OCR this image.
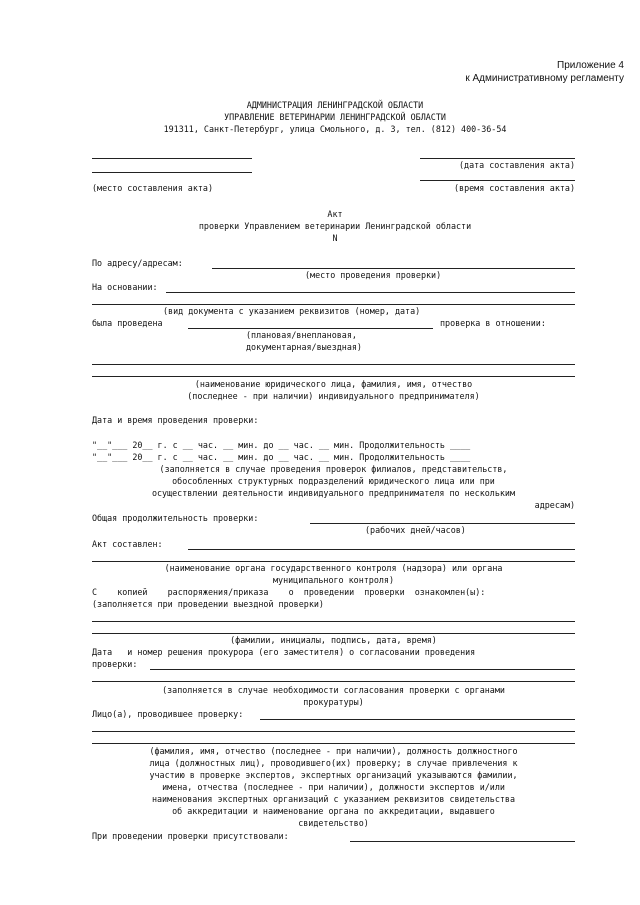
Приложение 4
к Административному регламенту
АДМИНИСТРАЦИЯ ЛЕНИНГРАДСКОЙ ОБЛАСТИ
УПРАВЛЕНИЕ ВЕТЕРИНАРИИ ЛЕНИНГРАДСКОЙ ОБЛАСТИ
191311, Санкт-Петербург, улица Смольного, д. 3, тел. (812) 400-36-54
(дата составления акта)
(место составления акта)	(время составления акта)
Акт
проверки Управлением ветеринарии Ленинградской области
N
По адресу/адресам:
(место проведения проверки)
На основании:
(вид документа с указанием реквизитов (номер, дата)
была проведена	проверка в отношении:
(плановая/внеплановая,
документарная/выездная)
(наименование юридического лица, фамилия, имя, отчество
(последнее - при наличии) индивидуального предпринимателя)
Дата и время проведения проверки:
"__"___ 20__ г. с __ час. __ мин. до __ час. __ мин. Продолжительность ____
"__"___ 20__ г. с __ час. __ мин. до __ час. __ мин. Продолжительность ____
(заполняется в случае проведения проверок филиалов, представительств,
обособленных структурных подразделений юридического лица или при
осуществлении деятельности индивидуального предпринимателя по нескольким
адресам)
Общая продолжительность проверки:
(рабочих дней/часов)
Акт составлен:
(наименование органа государственного контроля (надзора) или органа
муниципального контроля)
С    копией    распоряжения/приказа    о  проведении  проверки  ознакомлен(ы):
(заполняется при проведении выездной проверки)
(фамилии, инициалы, подпись, дата, время)
Дата   и номер решения прокурора (его заместителя) о согласовании проведения
проверки:
(заполняется в случае необходимости согласования проверки с органами
прокуратуры)
Лицо(а), проводившее проверку:
(фамилия, имя, отчество (последнее - при наличии), должность должностного
лица (должностных лиц), проводившего(их) проверку; в случае привлечения к
участию в проверке экспертов, экспертных организаций указываются фамилии,
имена, отчества (последнее - при наличии), должности экспертов и/или
наименования экспертных организаций с указанием реквизитов свидетельства
об аккредитации и наименование органа по аккредитации, выдавшего
свидетельство)
При проведении проверки присутствовали:
